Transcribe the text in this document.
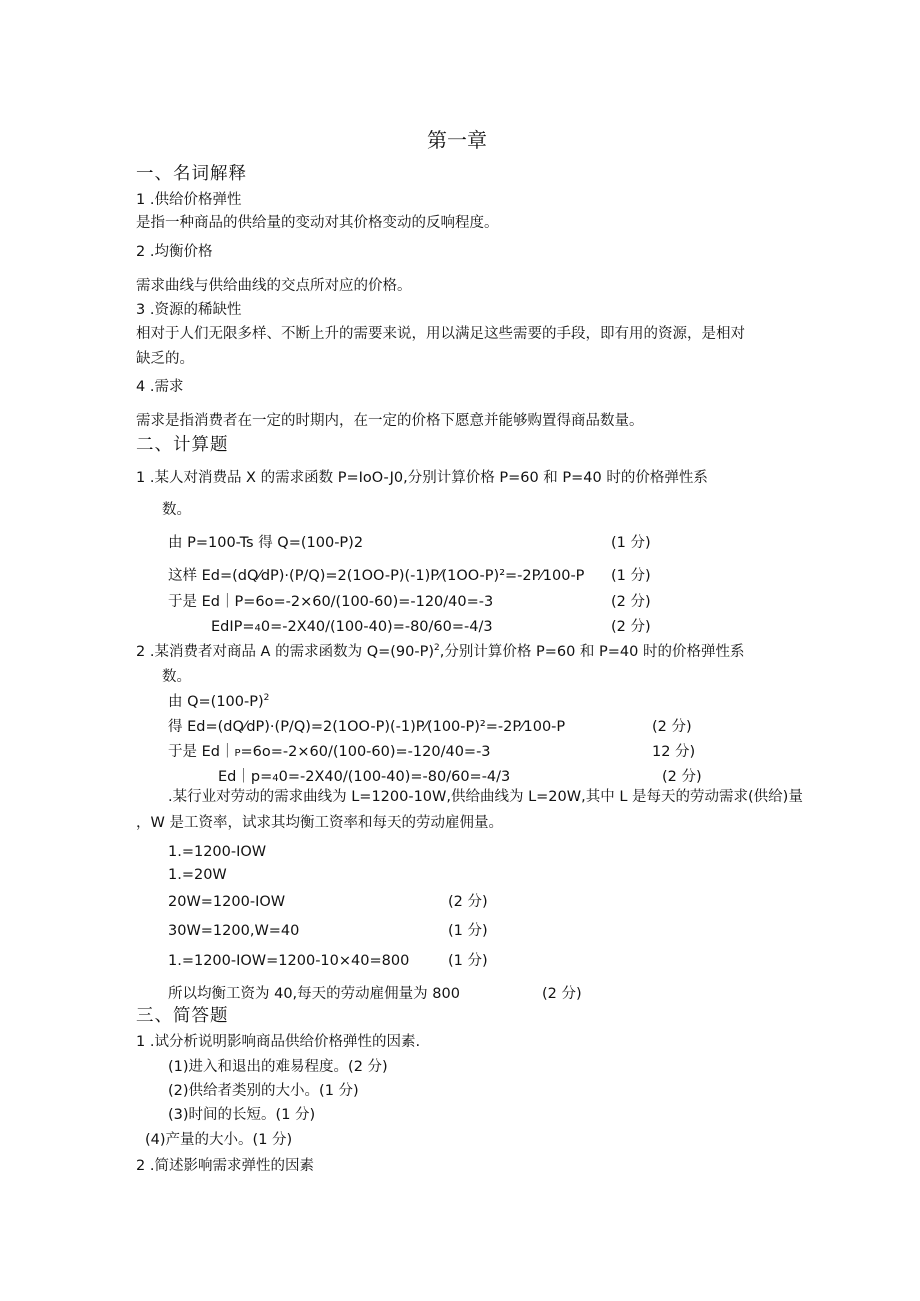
第一章
一、名词解释
1 .供给价格弹性
是指一种商品的供给量的变动对其价格变动的反响程度。
2 .均衡价格
需求曲线与供给曲线的交点所对应的价格。
3 .资源的稀缺性
相对于人们无限多样、不断上升的需要来说，用以满足这些需要的手段，即有用的资源，是相对
缺乏的。
4 .需求
需求是指消费者在一定的时期内，在一定的价格下愿意并能够购置得商品数量。
二、计算题
1 .某人对消费品 X 的需求函数 P=IoO-J0,分别计算价格 P=60 和 P=40 时的价格弹性系
数。
由 P=100-Ts 得 Q=(100-P)2	(1 分)
这样 Ed=(dQ⁄dP)·(P/Q)=2(1OO-P)(-1)P⁄(1OO-P)²=-2P⁄100-P (1 分)
于是 Ed｜P=6o=-2×60/(100-60)=-120/40=-3	(2 分)
EdIP=40=-2X40/(100-40)=-80/60=-4/3	(2 分)
2 .某消费者对商品 A 的需求函数为 $Q=(90-P)^2$,分别计算价格 P=60 和 P=40 时的价格弹性系
数。
由 $Q=(100-P)^2$
得 Ed=(dQ⁄dP)·(P/Q)=2(1OO-P)(-1)P⁄(100-P)²=-2P⁄100-P	(2 分)
于是 Ed｜P=6o=-2×60/(100-60)=-120/40=-3	12 分)
Ed｜p=40=-2X40/(100-40)=-80/60=-4/3	(2 分)
.某行业对劳动的需求曲线为 L=1200-10W,供给曲线为 L=20W,其中 L 是每天的劳动需求(供给)量
，W 是工资率，试求其均衡工资率和每天的劳动雇佣量。
1.=1200-IOW
1.=20W
20W=1200-IOW	(2 分)
30W=1200,W=40	(1 分)
1.=1200-IOW=1200-10×40=800	(1 分)
所以均衡工资为 40,每天的劳动雇佣量为 800	(2 分)
三、简答题
1 .试分析说明影响商品供给价格弹性的因素.
(1)进入和退出的难易程度。(2 分)
(2)供给者类别的大小。(1 分)
(3)时间的长短。(1 分)
(4)产量的大小。(1 分)
2 .简述影响需求弹性的因素
